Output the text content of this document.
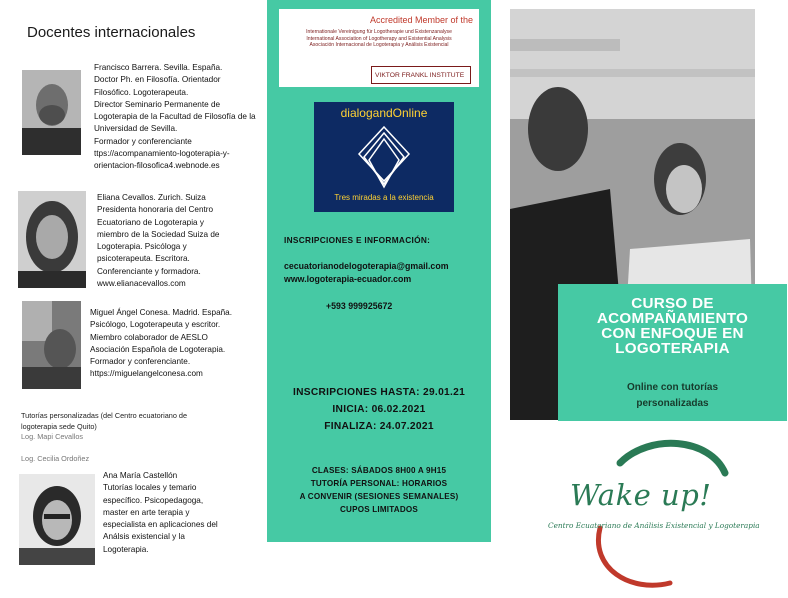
Docentes internacionales
Francisco Barrera. Sevilla. España.
Doctor Ph. en Filosofía. Orientador
Filosófico. Logoterapeuta.
Director Seminario Permanente de
Logoterapia de la Facultad de Filosofía de la
Universidad de Sevilla.
Formador y conferenciante
ttps://acompanamiento-logoterapia-y-
orientacion-filosofica4.webnode.es
Eliana Cevallos. Zurich. Suiza
Presidenta honoraria del Centro
Ecuatoriano de Logoterapia y
miembro de la Sociedad Suiza de
Logoterapia. Psicóloga y
psicoterapeuta. Escritora.
Conferenciante y formadora.
www.elianacevallos.com
Miguel Ángel Conesa. Madrid. España.
Psicólogo, Logoterapeuta y escritor.
Miembro colaborador de AESLO
Asociación Española de Logoterapia.
Formador y conferenciante.
https://miguelangelconesa.com
Tutorías personalizadas (del Centro ecuatoriano de
logoterapia sede Quito)

Log. Mapi Cevallos

Log. Cecilia Ordoñez

Ana María Castellón
Tutorías locales y temario
específico. Psicopedagoga,
master en arte terapia y
especialista en aplicaciones del
Análsis existencial y la
Logoterapia.
Accredited Member of the
Internationale Vereinigung für Logotherapie und Existenzanalyse
International Association of Logotherapy and Existential Analysis
Asociación Internacional de Logoterapia y Análisis Existencial
VIKTOR FRANKL INSTITUTE
dialogandOnline
Tres miradas a la existencia
INSCRIPCIONES E INFORMACIÓN:
cecuatorianodelogoterapia@gmail.com
www.logoterapia-ecuador.com
+593 999925672
INSCRIPCIONES HASTA: 29.01.21
INICIA: 06.02.2021
FINALIZA: 24.07.2021
CLASES: SÁBADOS 8H00 A 9H15
TUTORÍA PERSONAL: HORARIOS
A CONVENIR (SESIONES SEMANALES)
CUPOS LIMITADOS
CURSO DE
ACOMPAÑAMIENTO
CON ENFOQUE EN
LOGOTERAPIA
Online con tutorías
personalizadas
Wake up!
Centro Ecuatoriano de Análisis Existencial y Logoterapia
